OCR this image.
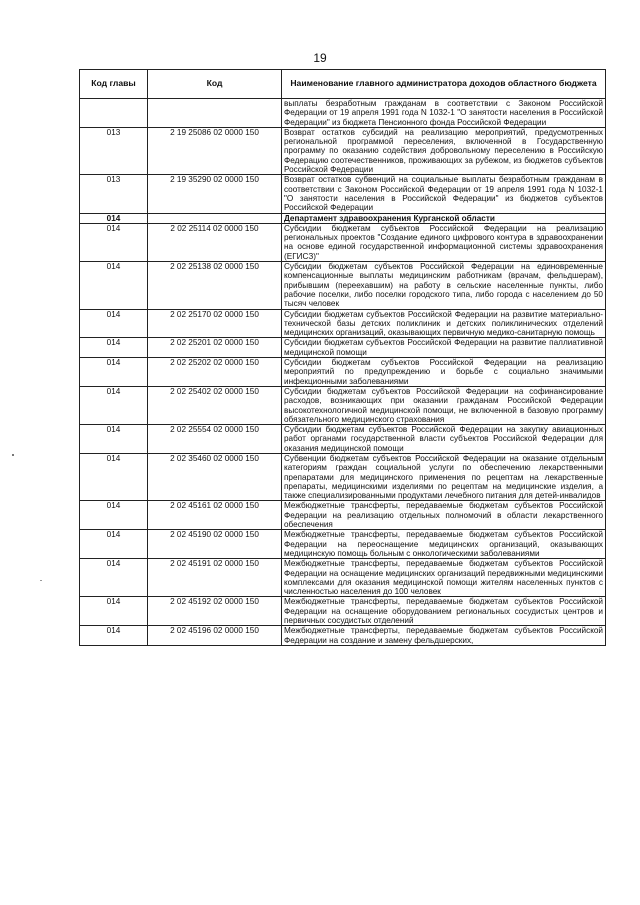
19
Код главы	Код	Наименование главного администратора доходов областного бюджета
		выплаты безработным гражданам в соответствии с Законом Российской Федерации от 19 апреля 1991 года N 1032-1 "О занятости населения в Российской Федерации" из бюджета Пенсионного фонда Российской Федерации
013	2 19 25086 02 0000 150	Возврат остатков субсидий на реализацию мероприятий, предусмотренных региональной программой переселения, включенной в Государственную программу по оказанию содействия добровольному переселению в Российскую Федерацию соотечественников, проживающих за рубежом, из бюджетов субъектов Российской Федерации
013	2 19 35290 02 0000 150	Возврат остатков субвенций на социальные выплаты безработным гражданам в соответствии с Законом Российской Федерации от 19 апреля 1991 года N 1032-1 "О занятости населения в Российской Федерации" из бюджетов субъектов Российской Федерации
014		Департамент здравоохранения Курганской области
014	2 02 25114 02 0000 150	Субсидии бюджетам субъектов Российской Федерации на реализацию региональных проектов "Создание единого цифрового контура в здравоохранении на основе единой государственной информационной системы здравоохранения (ЕГИСЗ)"
014	2 02 25138 02 0000 150	Субсидии бюджетам субъектов Российской Федерации на единовременные компенсационные выплаты медицинским работникам (врачам, фельдшерам), прибывшим (переехавшим) на работу в сельские населенные пункты, либо рабочие поселки, либо поселки городского типа, либо города с населением до 50 тысяч человек
014	2 02 25170 02 0000 150	Субсидии бюджетам субъектов Российской Федерации на развитие материально-технической базы детских поликлиник и детских поликлинических отделений медицинских организаций, оказывающих первичную медико-санитарную помощь
014	2 02 25201 02 0000 150	Субсидии бюджетам субъектов Российской Федерации на развитие паллиативной медицинской помощи
014	2 02 25202 02 0000 150	Субсидии бюджетам субъектов Российской Федерации на реализацию мероприятий по предупреждению и борьбе с социально значимыми инфекционными заболеваниями
014	2 02 25402 02 0000 150	Субсидии бюджетам субъектов Российской Федерации на софинансирование расходов, возникающих при оказании гражданам Российской Федерации высокотехнологичной медицинской помощи, не включенной в базовую программу обязательного медицинского страхования
014	2 02 25554 02 0000 150	Субсидии бюджетам субъектов Российской Федерации на закупку авиационных работ органами государственной власти субъектов Российской Федерации для оказания медицинской помощи
014	2 02 35460 02 0000 150	Субвенции бюджетам субъектов Российской Федерации на оказание отдельным категориям граждан социальной услуги по обеспечению лекарственными препаратами для медицинского применения по рецептам на лекарственные препараты, медицинскими изделиями по рецептам на медицинские изделия, а также специализированными продуктами лечебного питания для детей-инвалидов
014	2 02 45161 02 0000 150	Межбюджетные трансферты, передаваемые бюджетам субъектов Российской Федерации на реализацию отдельных полномочий в области лекарственного обеспечения
014	2 02 45190 02 0000 150	Межбюджетные трансферты, передаваемые бюджетам субъектов Российской Федерации на переоснащение медицинских организаций, оказывающих медицинскую помощь больным с онкологическими заболеваниями
014	2 02 45191 02 0000 150	Межбюджетные трансферты, передаваемые бюджетам субъектов Российской Федерации на оснащение медицинских организаций передвижными медицинскими комплексами для оказания медицинской помощи жителям населенных пунктов с численностью населения до 100 человек
014	2 02 45192 02 0000 150	Межбюджетные трансферты, передаваемые бюджетам субъектов Российской Федерации на оснащение оборудованием региональных сосудистых центров и первичных сосудистых отделений
014	2 02 45196 02 0000 150	Межбюджетные трансферты, передаваемые бюджетам субъектов Российской Федерации на создание и замену фельдшерских,
